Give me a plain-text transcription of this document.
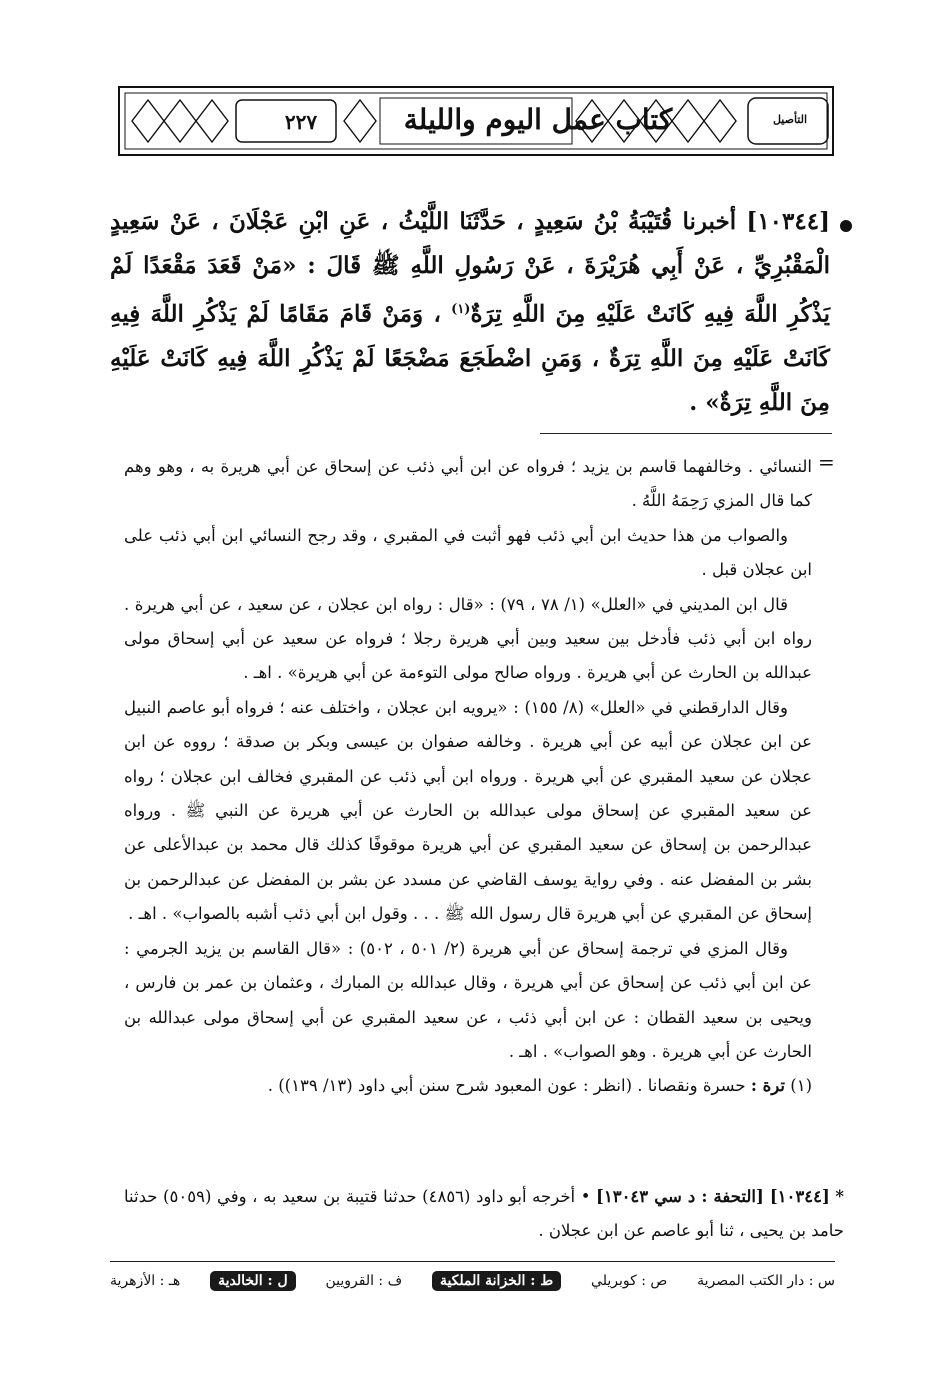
كتاب عمل اليوم والليلة
٢٢٧	التأصيل

[١٠٣٤٤] أخبرنا قُتَيْبَةُ بْنُ سَعِيدٍ ، حَدَّثَنَا اللَّيْثُ ، عَنِ ابْنِ عَجْلَانَ ، عَنْ سَعِيدٍ الْمَقْبُرِيِّ ، عَنْ أَبِي هُرَيْرَةَ ، عَنْ رَسُولِ اللَّهِ ﷺ قَالَ : «مَنْ قَعَدَ مَقْعَدًا لَمْ يَذْكُرِ اللَّهَ فِيهِ كَانَتْ عَلَيْهِ مِنَ اللَّهِ تِرَةٌ$^{(١)}$ ، وَمَنْ قَامَ مَقَامًا لَمْ يَذْكُرِ اللَّهَ فِيهِ كَانَتْ عَلَيْهِ مِنَ اللَّهِ تِرَةٌ ، وَمَنِ اضْطَجَعَ مَضْجَعًا لَمْ يَذْكُرِ اللَّهَ فِيهِ كَانَتْ عَلَيْهِ مِنَ اللَّهِ تِرَةٌ» .

=

النسائي . وخالفهما قاسم بن يزيد ؛ فرواه عن ابن أبي ذئب عن إسحاق عن أبي هريرة به ، وهو وهم كما قال المزي رَحِمَهُ اللَّهُ .

والصواب من هذا حديث ابن أبي ذئب فهو أثبت في المقبري ، وقد رجح النسائي ابن أبي ذئب على ابن عجلان قبل .

قال ابن المديني في «العلل» (١/ ٧٨ ، ٧٩) : «قال : رواه ابن عجلان ، عن سعيد ، عن أبي هريرة . رواه ابن أبي ذئب فأدخل بين سعيد وبين أبي هريرة رجلا ؛ فرواه عن سعيد عن أبي إسحاق مولى عبدالله بن الحارث عن أبي هريرة . ورواه صالح مولى التوءمة عن أبي هريرة» . اهـ .

وقال الدارقطني في «العلل» (٨/ ١٥٥) : «يرويه ابن عجلان ، واختلف عنه ؛ فرواه أبو عاصم النبيل عن ابن عجلان عن أبيه عن أبي هريرة . وخالفه صفوان بن عيسى وبكر بن صدقة ؛ رووه عن ابن عجلان عن سعيد المقبري عن أبي هريرة . ورواه ابن أبي ذئب عن المقبري فخالف ابن عجلان ؛ رواه عن سعيد المقبري عن إسحاق مولى عبدالله بن الحارث عن أبي هريرة عن النبي ﷺ . ورواه عبدالرحمن بن إسحاق عن سعيد المقبري عن أبي هريرة موقوفًا كذلك قال محمد بن عبدالأعلى عن بشر بن المفضل عنه . وفي رواية يوسف القاضي عن مسدد عن بشر بن المفضل عن عبدالرحمن بن إسحاق عن المقبري عن أبي هريرة قال رسول الله ﷺ . . . وقول ابن أبي ذئب أشبه بالصواب» . اهـ .

وقال المزي في ترجمة إسحاق عن أبي هريرة (٢/ ٥٠١ ، ٥٠٢) : «قال القاسم بن يزيد الجرمي : عن ابن أبي ذئب عن إسحاق عن أبي هريرة ، وقال عبدالله بن المبارك ، وعثمان بن عمر بن فارس ، ويحيى بن سعيد القطان : عن ابن أبي ذئب ، عن سعيد المقبري عن أبي إسحاق مولى عبدالله بن الحارث عن أبي هريرة . وهو الصواب» . اهـ .

(١) ترة : حسرة ونقصانا . (انظر : عون المعبود شرح سنن أبي داود (١٣/ ١٣٩)) .

* [١٠٣٤٤] [التحفة : د سي ١٣٠٤٣] • أخرجه أبو داود (٤٨٥٦) حدثنا قتيبة بن سعيد به ، وفي (٥٠٥٩) حدثنا حامد بن يحيى ، ثنا أبو عاصم عن ابن عجلان .

س : دار الكتب المصرية
ص : كوبريلي
ط : الخزانة الملكية
ف : القرويين
ل : الخالدية
هـ : الأزهرية
